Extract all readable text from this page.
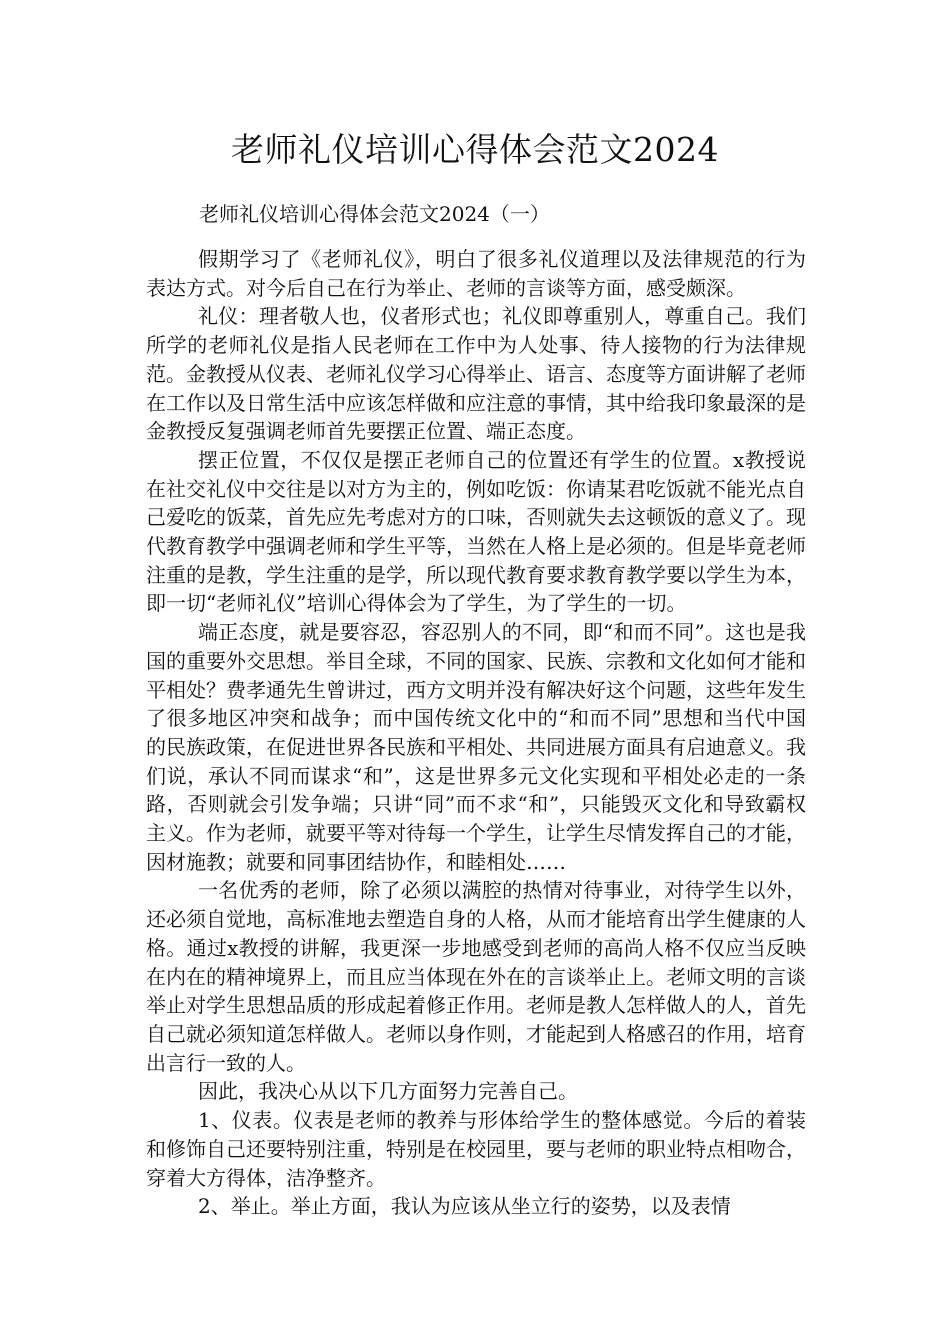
老师礼仪培训心得体会范文2024

老师礼仪培训心得体会范文2024（一）

假期学习了《老师礼仪》，明白了很多礼仪道理以及法律规范的行为表达方式。对今后自己在行为举止、老师的言谈等方面，感受颇深。

礼仪：理者敬人也，仪者形式也；礼仪即尊重别人，尊重自己。我们所学的老师礼仪是指人民老师在工作中为人处事、待人接物的行为法律规范。金教授从仪表、老师礼仪学习心得举止、语言、态度等方面讲解了老师在工作以及日常生活中应该怎样做和应注意的事情，其中给我印象最深的是金教授反复强调老师首先要摆正位置、端正态度。

摆正位置，不仅仅是摆正老师自己的位置还有学生的位置。x教授说在社交礼仪中交往是以对方为主的，例如吃饭：你请某君吃饭就不能光点自己爱吃的饭菜，首先应先考虑对方的口味，否则就失去这顿饭的意义了。现代教育教学中强调老师和学生平等，当然在人格上是必须的。但是毕竟老师注重的是教，学生注重的是学，所以现代教育要求教育教学要以学生为本，即一切“老师礼仪”培训心得体会为了学生，为了学生的一切。

端正态度，就是要容忍，容忍别人的不同，即“和而不同”。这也是我国的重要外交思想。举目全球，不同的国家、民族、宗教和文化如何才能和平相处？费孝通先生曾讲过，西方文明并没有解决好这个问题，这些年发生了很多地区冲突和战争；而中国传统文化中的“和而不同”思想和当代中国的民族政策，在促进世界各民族和平相处、共同进展方面具有启迪意义。我们说，承认不同而谋求“和”，这是世界多元文化实现和平相处必走的一条路，否则就会引发争端；只讲“同”而不求“和”，只能毁灭文化和导致霸权主义。作为老师，就要平等对待每一个学生，让学生尽情发挥自己的才能，因材施教；就要和同事团结协作，和睦相处……

一名优秀的老师，除了必须以满腔的热情对待事业，对待学生以外，还必须自觉地，高标准地去塑造自身的人格，从而才能培育出学生健康的人格。通过x教授的讲解，我更深一步地感受到老师的高尚人格不仅应当反映在内在的精神境界上，而且应当体现在外在的言谈举止上。老师文明的言谈举止对学生思想品质的形成起着修正作用。老师是教人怎样做人的人，首先自己就必须知道怎样做人。老师以身作则，才能起到人格感召的作用，培育出言行一致的人。

因此，我决心从以下几方面努力完善自己。

1、仪表。仪表是老师的教养与形体给学生的整体感觉。今后的着装和修饰自己还要特别注重，特别是在校园里，要与老师的职业特点相吻合，穿着大方得体，洁净整齐。

2、举止。举止方面，我认为应该从坐立行的姿势，以及表情
